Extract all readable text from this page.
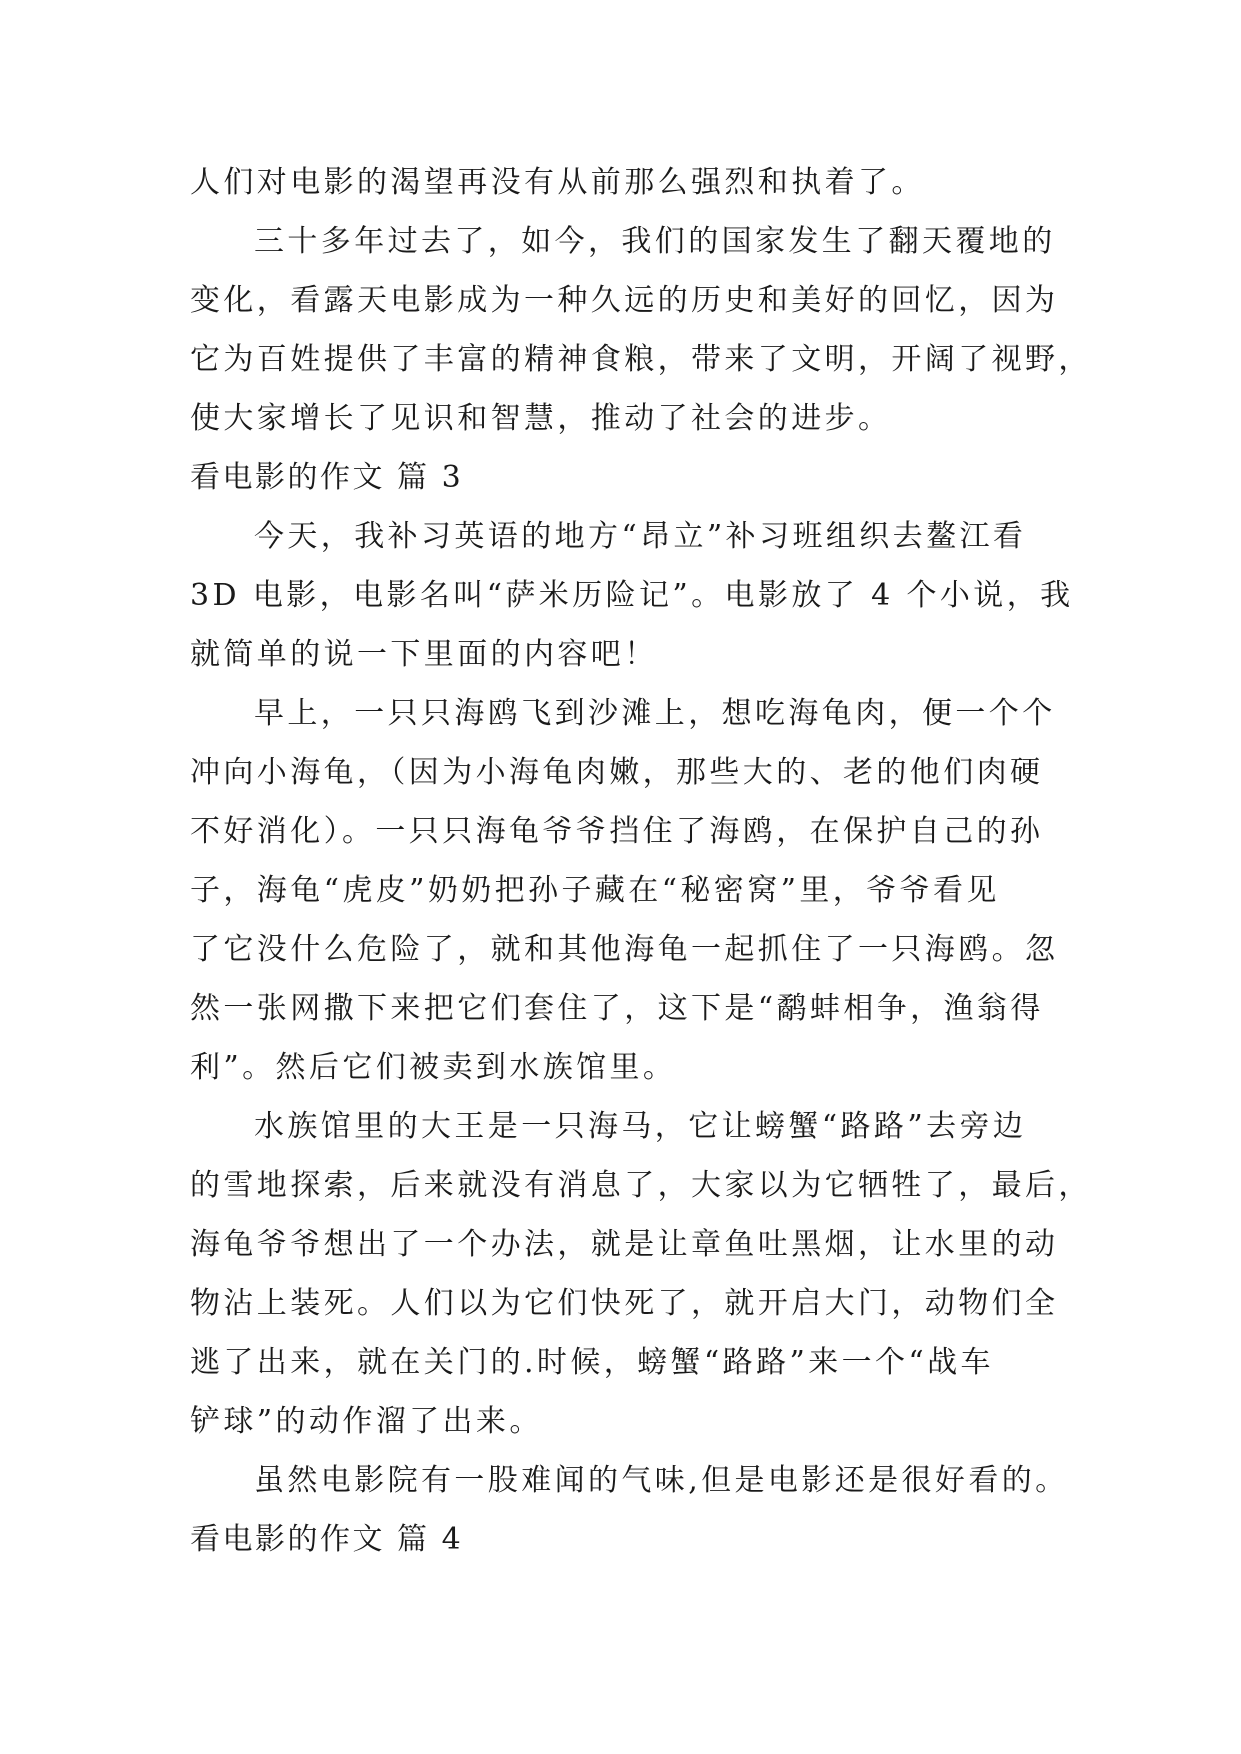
人们对电影的渴望再没有从前那么强烈和执着了。
三十多年过去了，如今，我们的国家发生了翻天覆地的
变化，看露天电影成为一种久远的历史和美好的回忆，因为
它为百姓提供了丰富的精神食粮，带来了文明，开阔了视野，
使大家增长了见识和智慧，推动了社会的进步。
看电影的作文 篇 3
今天，我补习英语的地方“昂立”补习班组织去鳌江看
3D 电影，电影名叫“萨米历险记”。电影放了 4 个小说，我
就简单的说一下里面的内容吧！
早上，一只只海鸥飞到沙滩上，想吃海龟肉，便一个个
冲向小海龟，（因为小海龟肉嫩，那些大的、老的他们肉硬
不好消化）。一只只海龟爷爷挡住了海鸥，在保护自己的孙
子，海龟“虎皮”奶奶把孙子藏在“秘密窝”里，爷爷看见
了它没什么危险了，就和其他海龟一起抓住了一只海鸥。忽
然一张网撒下来把它们套住了，这下是“鹬蚌相争，渔翁得
利”。然后它们被卖到水族馆里。
水族馆里的大王是一只海马，它让螃蟹“路路”去旁边
的雪地探索，后来就没有消息了，大家以为它牺牲了，最后，
海龟爷爷想出了一个办法，就是让章鱼吐黑烟，让水里的动
物沾上装死。人们以为它们快死了，就开启大门，动物们全
逃了出来，就在关门的.时候，螃蟹“路路”来一个“战车
铲球”的动作溜了出来。
虽然电影院有一股难闻的气味,但是电影还是很好看的。
看电影的作文 篇 4
